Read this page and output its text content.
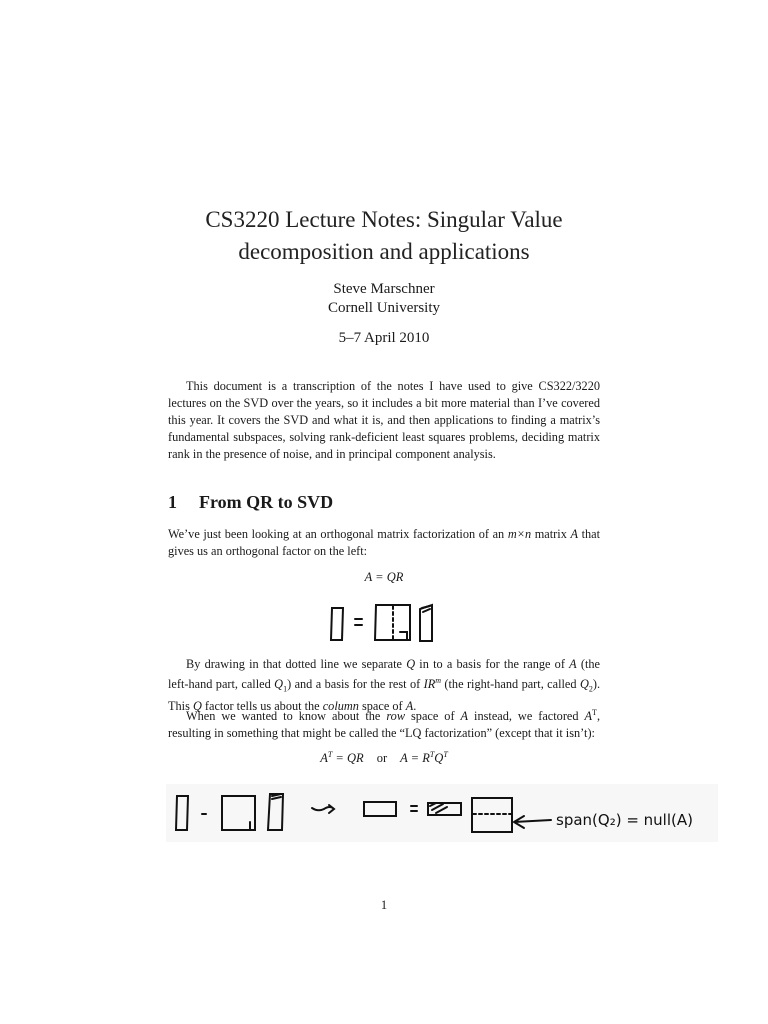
CS3220 Lecture Notes: Singular Value
decomposition and applications
Steve Marschner
Cornell University
5–7 April 2010
This document is a transcription of the notes I have used to give CS322/3220 lectures on the SVD over the years, so it includes a bit more material than I’ve covered this year. It covers the SVD and what it is, and then applications to finding a matrix’s fundamental subspaces, solving rank-deficient least squares problems, deciding matrix rank in the presence of noise, and in principal component analysis.
1 From QR to SVD
We’ve just been looking at an orthogonal matrix factorization of an m×n matrix A that gives us an orthogonal factor on the left:
A = QR
By drawing in that dotted line we separate Q in to a basis for the range of A (the left-hand part, called $Q_1$) and a basis for the rest of $IR^m$ (the right-hand part, called $Q_2$). This Q factor tells us about the column space of A.
When we wanted to know about the row space of A instead, we factored $A^T$, resulting in something that might be called the “LQ factorization” (except that it isn’t):
$A^T$ = QR or $A = R^TQ^T$
span(Q₂) = null(A)
1
